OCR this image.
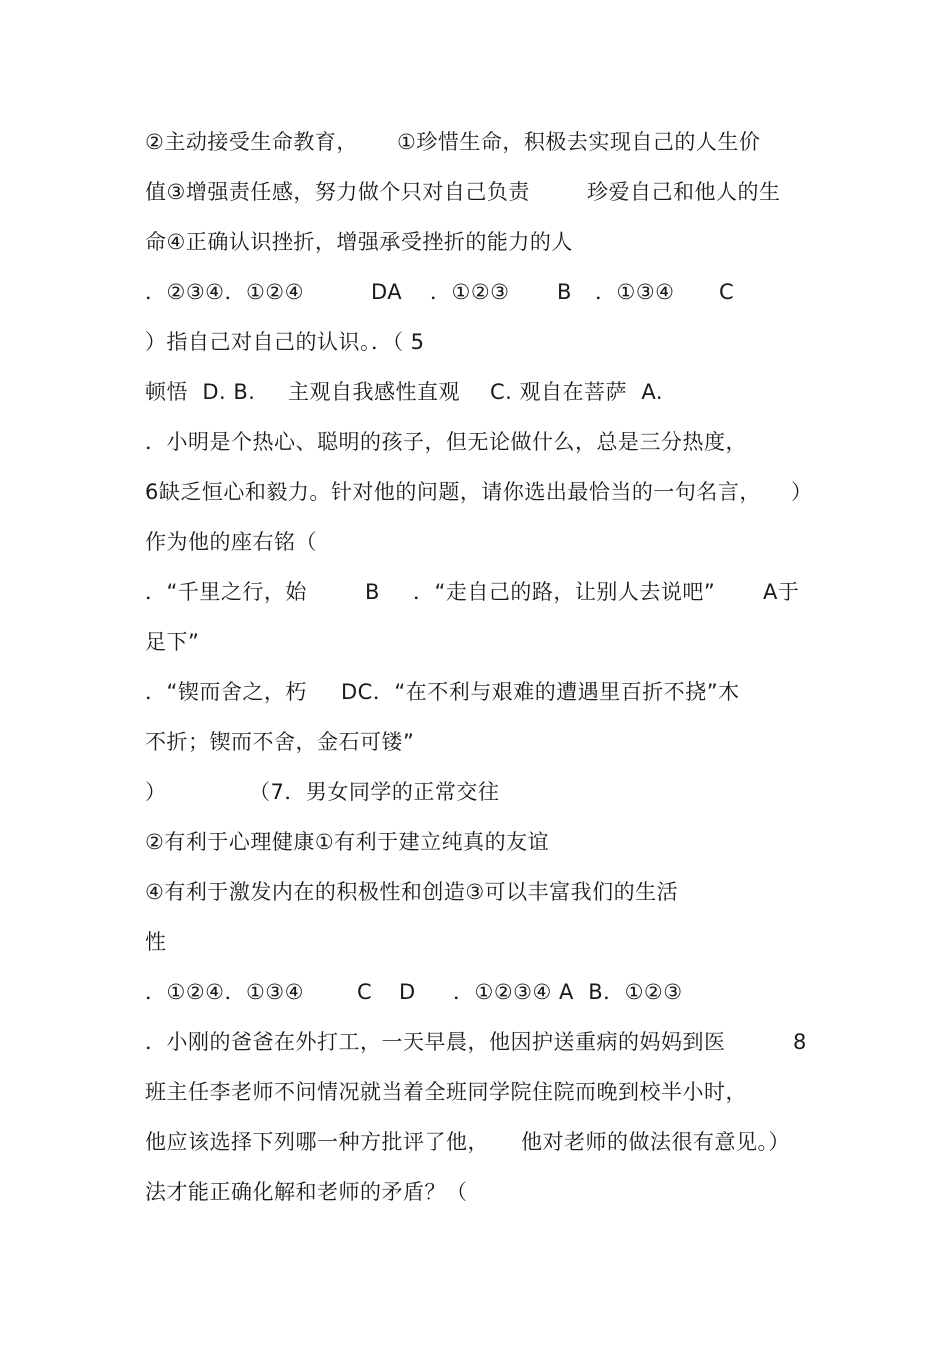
②主动接受生命教育，

①珍惜生命，积极去实现自己的人生价

值③增强责任感，努力做个只对自己负责

	珍爱自己和他人的生

命④正确认识挫折，增强承受挫折的能力的人

．②③④．①②④

	DA

．①②③

B

．①③④

C

）指自己对自己的认识。．（ 5

顿悟  D. B.

主观自我感性直观

C. 观自在菩萨  A.

．小明是个热心、聪明的孩子，但无论做什么，总是三分热度，

6缺乏恒心和毅力。针对他的问题，请你选出最恰当的一句名言，

）

作为他的座右铭（

．“千里之行，始

	B

．“走自己的路，让别人去说吧”

A于

足下”

．“锲而舍之，朽

DC．“在不利与艰难的遭遇里百折不挠”木

不折；锲而不舍，金石可镂”

）

	（7．男女同学的正常交往

②有利于心理健康①有利于建立纯真的友谊

④有利于激发内在的积极性和创造③可以丰富我们的生活

性

．①②④．①③④

	C

D

．①②③④ A  B．①②③

．小刚的爸爸在外打工，一天早晨，他因护送重病的妈妈到医

	8

班主任李老师不问情况就当着全班同学院住院而晚到校半小时，

他应该选择下列哪一种方批评了他，

他对老师的做法很有意见。）

法才能正确化解和老师的矛盾？（
